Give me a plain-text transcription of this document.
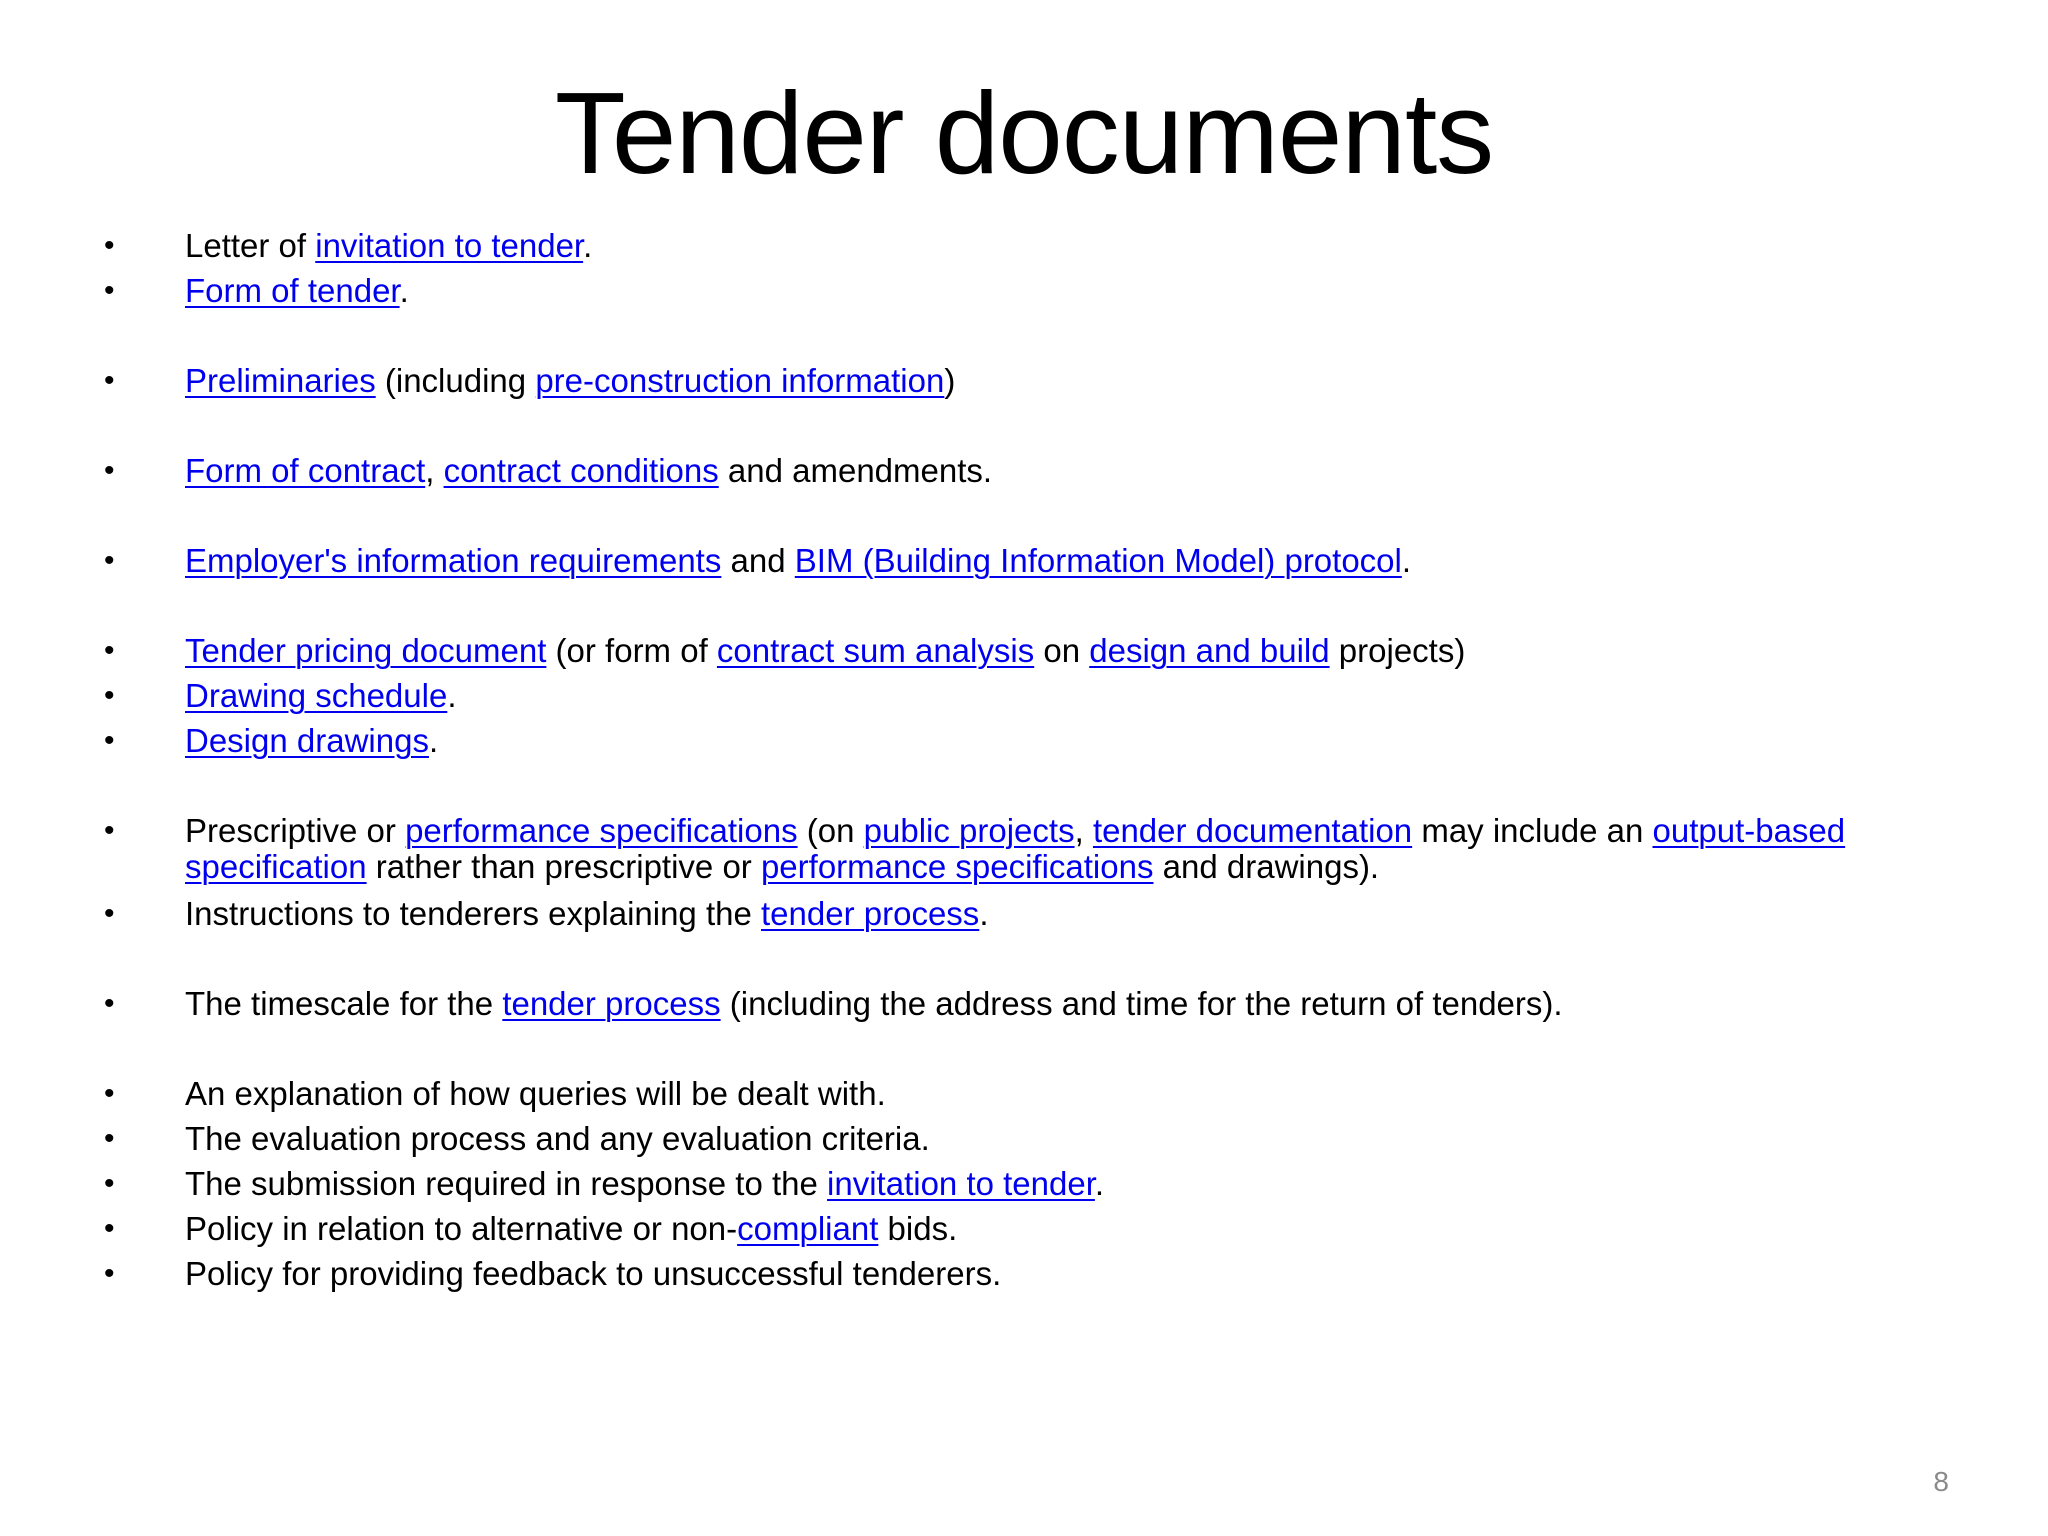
Tender documents
• Letter of invitation to tender.
• Form of tender.
• Preliminaries (including pre-construction information)
• Form of contract, contract conditions and amendments.
• Employer's information requirements and BIM (Building Information Model) protocol.
• Tender pricing document (or form of contract sum analysis on design and build projects)
• Drawing schedule.
• Design drawings.
• Prescriptive or performance specifications (on public projects, tender documentation may include an output-based
specification rather than prescriptive or performance specifications and drawings).
• Instructions to tenderers explaining the tender process.
• The timescale for the tender process (including the address and time for the return of tenders).
• An explanation of how queries will be dealt with.
• The evaluation process and any evaluation criteria.
• The submission required in response to the invitation to tender.
• Policy in relation to alternative or non-compliant bids.
• Policy for providing feedback to unsuccessful tenderers.
8
